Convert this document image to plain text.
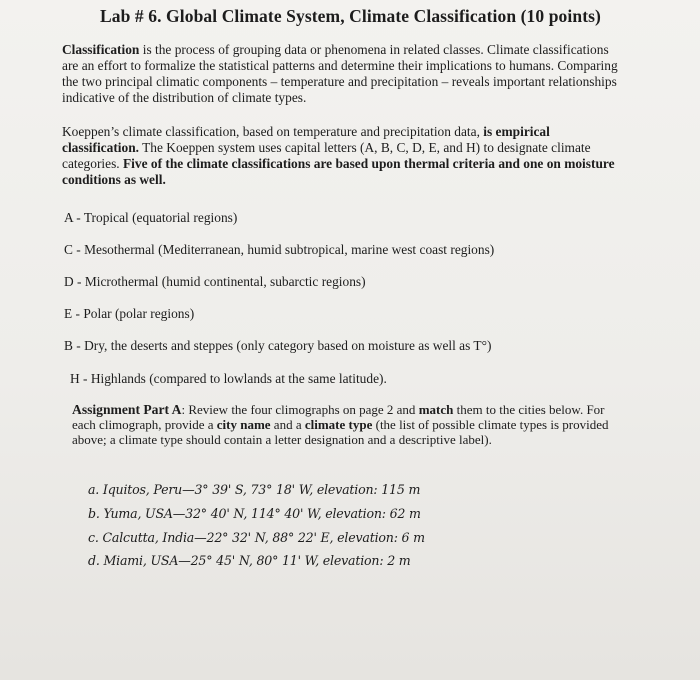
Lab # 6. Global Climate System, Climate Classification (10 points)
Classification is the process of grouping data or phenomena in related classes. Climate classifications are an effort to formalize the statistical patterns and determine their implications to humans. Comparing the two principal climatic components – temperature and precipitation – reveals important relationships indicative of the distribution of climate types.
Koeppen’s climate classification, based on temperature and precipitation data, is empirical classification. The Koeppen system uses capital letters (A, B, C, D, E, and H) to designate climate categories. Five of the climate classifications are based upon thermal criteria and one on moisture conditions as well.
A - Tropical (equatorial regions)
C - Mesothermal (Mediterranean, humid subtropical, marine west coast regions)
D - Microthermal (humid continental, subarctic regions)
E - Polar (polar regions)
B - Dry, the deserts and steppes (only category based on moisture as well as T°)
H - Highlands (compared to lowlands at the same latitude).
Assignment Part A: Review the four climographs on page 2 and match them to the cities below. For each climograph, provide a city name and a climate type (the list of possible climate types is provided above; a climate type should contain a letter designation and a descriptive label).
a. Iquitos, Peru—3° 39' S, 73° 18' W, elevation: 115 m
b. Yuma, USA—32° 40' N, 114° 40' W, elevation: 62 m
c. Calcutta, India—22° 32' N, 88° 22' E, elevation: 6 m
d. Miami, USA—25° 45' N, 80° 11' W, elevation: 2 m
